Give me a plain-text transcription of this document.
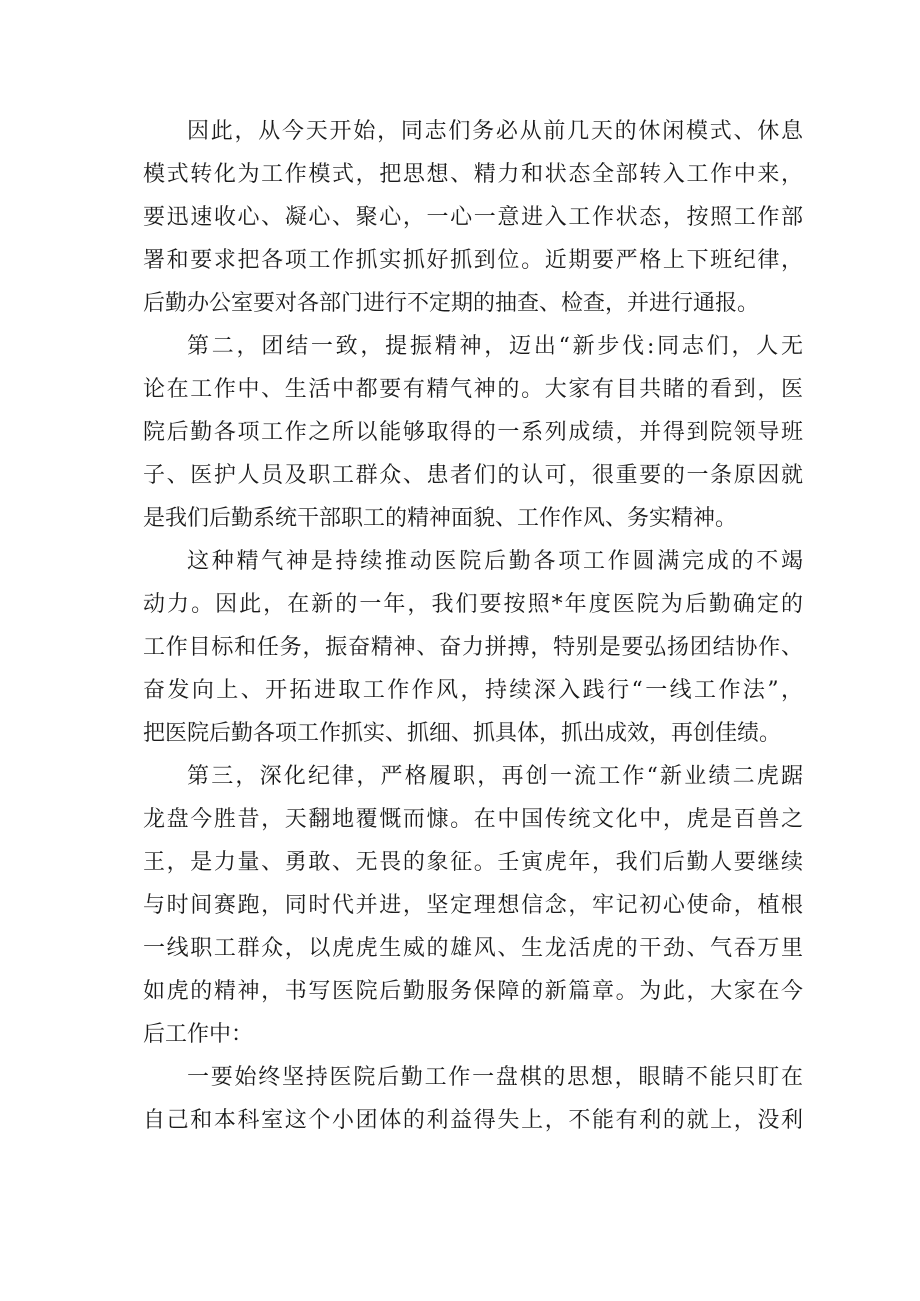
因此，从今天开始，同志们务必从前几天的休闲模式、休息
模式转化为工作模式，把思想、精力和状态全部转入工作中来，
要迅速收心、凝心、聚心，一心一意进入工作状态，按照工作部
署和要求把各项工作抓实抓好抓到位。近期要严格上下班纪律，
后勤办公室要对各部门进行不定期的抽查、检查，并进行通报。
第二，团结一致，提振精神，迈出“新步伐:同志们，人无
论在工作中、生活中都要有精气神的。大家有目共睹的看到，医
院后勤各项工作之所以能够取得的一系列成绩，并得到院领导班
子、医护人员及职工群众、患者们的认可，很重要的一条原因就
是我们后勤系统干部职工的精神面貌、工作作风、务实精神。
这种精气神是持续推动医院后勤各项工作圆满完成的不竭
动力。因此，在新的一年，我们要按照*年度医院为后勤确定的
工作目标和任务，振奋精神、奋力拼搏，特别是要弘扬团结协作、
奋发向上、开拓进取工作作风，持续深入践行“一线工作法”，
把医院后勤各项工作抓实、抓细、抓具体，抓出成效，再创佳绩。
第三，深化纪律，严格履职，再创一流工作“新业绩二虎踞
龙盘今胜昔，天翻地覆慨而慷。在中国传统文化中，虎是百兽之
王，是力量、勇敢、无畏的象征。壬寅虎年，我们后勤人要继续
与时间赛跑，同时代并进，坚定理想信念，牢记初心使命，植根
一线职工群众，以虎虎生威的雄风、生龙活虎的干劲、气吞万里
如虎的精神，书写医院后勤服务保障的新篇章。为此，大家在今
后工作中：
一要始终坚持医院后勤工作一盘棋的思想，眼睛不能只盯在
自己和本科室这个小团体的利益得失上，不能有利的就上，没利
